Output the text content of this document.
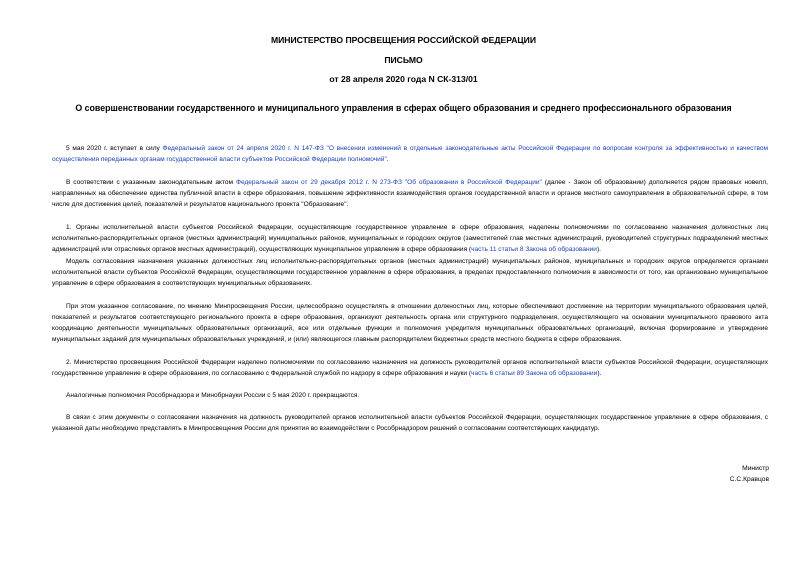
МИНИСТЕРСТВО ПРОСВЕЩЕНИЯ РОССИЙСКОЙ ФЕДЕРАЦИИ
ПИСЬМО
от 28 апреля 2020 года N СК-313/01
О совершенствовании государственного и муниципального управления в сферах общего образования и среднего профессионального образования

5 мая 2020 г. вступает в силу Федеральный закон от 24 апреля 2020 г. N 147-ФЗ "О внесении изменений в отдельные законодательные акты Российской Федерации по вопросам контроля за эффективностью и качеством осуществления переданных органам государственной власти субъектов Российской Федерации полномочий".

В соответствии с указанным законодательным актом Федеральный закон от 29 декабря 2012 г. N 273-ФЗ "Об образовании в Российской Федерации" (далее - Закон об образовании) дополняется рядом правовых новелл, направленных на обеспечение единства публичной власти в сфере образования, повышение эффективности взаимодействия органов государственной власти и органов местного самоуправления в образовательной сфере, в том числе для достижения целей, показателей и результатов национального проекта "Образование".

1. Органы исполнительной власти субъектов Российской Федерации, осуществляющие государственное управление в сфере образования, наделены полномочиями по согласованию назначения должностных лиц исполнительно-распорядительных органов (местных администраций) муниципальных районов, муниципальных и городских округов (заместителей глав местных администраций, руководителей структурных подразделений местных администраций или отраслевых органов местных администраций), осуществляющих муниципальное управление в сфере образования (часть 11 статьи 8 Закона об образовании).

Модель согласования назначения указанных должностных лиц исполнительно-распорядительных органов (местных администраций) муниципальных районов, муниципальных и городских округов определяется органами исполнительной власти субъектов Российской Федерации, осуществляющими государственное управление в сфере образования, в пределах предоставленного полномочия в зависимости от того, как организовано муниципальное управление в сфере образования в соответствующих муниципальных образованиях.

При этом указанное согласование, по мнению Минпросвещения России, целесообразно осуществлять в отношении должностных лиц, которые обеспечивают достижение на территории муниципального образования целей, показателей и результатов соответствующего регионального проекта в сфере образования, организуют деятельность органа или структурного подразделения, осуществляющего на основании муниципального правового акта координацию деятельности муниципальных образовательных организаций, все или отдельные функции и полномочия учредителя муниципальных образовательных организаций, включая формирование и утверждение муниципальных заданий для муниципальных образовательных учреждений, и (или) являющегося главным распорядителем бюджетных средств местного бюджета в сфере образования.

2. Министерство просвещения Российской Федерации наделено полномочиями по согласованию назначения на должность руководителей органов исполнительной власти субъектов Российской Федерации, осуществляющих государственное управление в сфере образования, по согласованию с Федеральной службой по надзору в сфере образования и науки (часть 6 статьи 89 Закона об образовании).

Аналогичные полномочия Рособрнадзора и Минобрнауки России с 5 мая 2020 г. прекращаются.

В связи с этим документы о согласовании назначения на должность руководителей органов исполнительной власти субъектов Российской Федерации, осуществляющих государственное управление в сфере образования, с указанной даты необходимо представлять в Минпросвещения России для принятия во взаимодействии с Рособрнадзором решений о согласовании соответствующих кандидатур.

Министр
С.С.Кравцов
